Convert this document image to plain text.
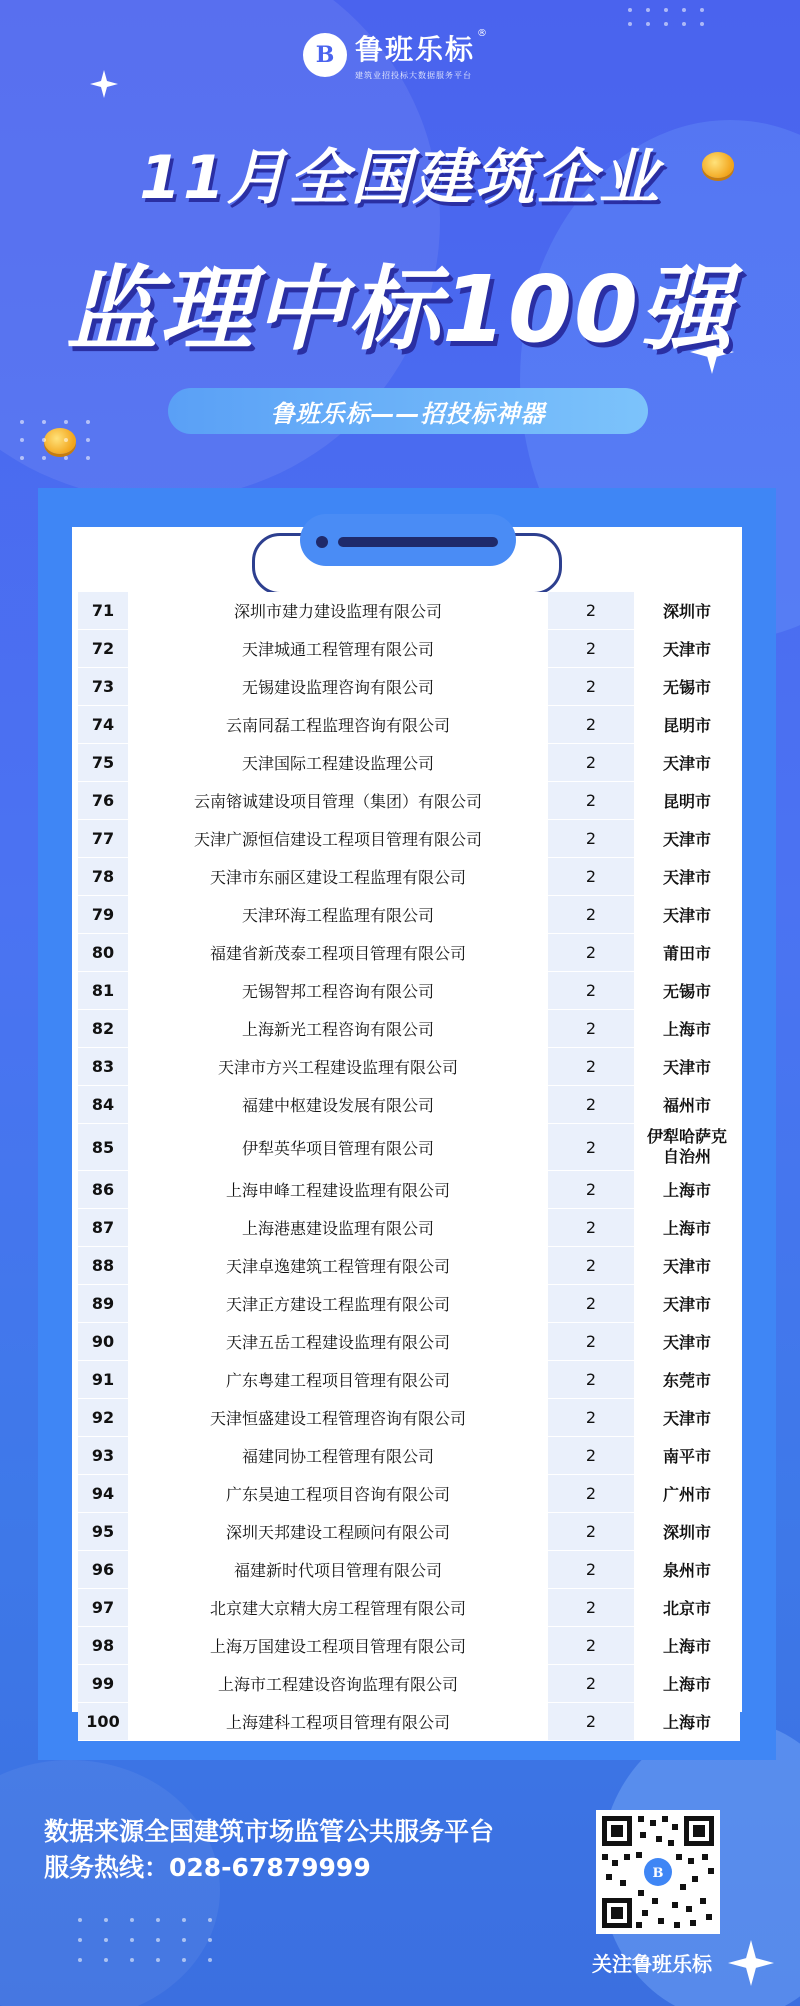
B 鲁班乐标
建筑业招投标大数据服务平台
®
11月全国建筑企业
监理中标100强
鲁班乐标——招投标神器
71	深圳市建力建设监理有限公司	2	深圳市
72	天津城通工程管理有限公司	2	天津市
73	无锡建设监理咨询有限公司	2	无锡市
74	云南同磊工程监理咨询有限公司	2	昆明市
75	天津国际工程建设监理公司	2	天津市
76	云南镕诚建设项目管理（集团）有限公司	2	昆明市
77	天津广源恒信建设工程项目管理有限公司	2	天津市
78	天津市东丽区建设工程监理有限公司	2	天津市
79	天津环海工程监理有限公司	2	天津市
80	福建省新茂泰工程项目管理有限公司	2	莆田市
81	无锡智邦工程咨询有限公司	2	无锡市
82	上海新光工程咨询有限公司	2	上海市
83	天津市方兴工程建设监理有限公司	2	天津市
84	福建中枢建设发展有限公司	2	福州市
85	伊犁英华项目管理有限公司	2	伊犁哈萨克
自治州

86	上海申峰工程建设监理有限公司	2	上海市
87	上海港惠建设监理有限公司	2	上海市
88	天津卓逸建筑工程管理有限公司	2	天津市
89	天津正方建设工程监理有限公司	2	天津市
90	天津五岳工程建设监理有限公司	2	天津市
91	广东粤建工程项目管理有限公司	2	东莞市
92	天津恒盛建设工程管理咨询有限公司	2	天津市
93	福建同协工程管理有限公司	2	南平市
94	广东昊迪工程项目咨询有限公司	2	广州市
95	深圳天邦建设工程顾问有限公司	2	深圳市
96	福建新时代项目管理有限公司	2	泉州市
97	北京建大京精大房工程管理有限公司	2	北京市
98	上海万国建设工程项目管理有限公司	2	上海市
99	上海市工程建设咨询监理有限公司	2	上海市
100	上海建科工程项目管理有限公司	2	上海市
数据来源全国建筑市场监管公共服务平台
服务热线：028-67879999	B
关注鲁班乐标
